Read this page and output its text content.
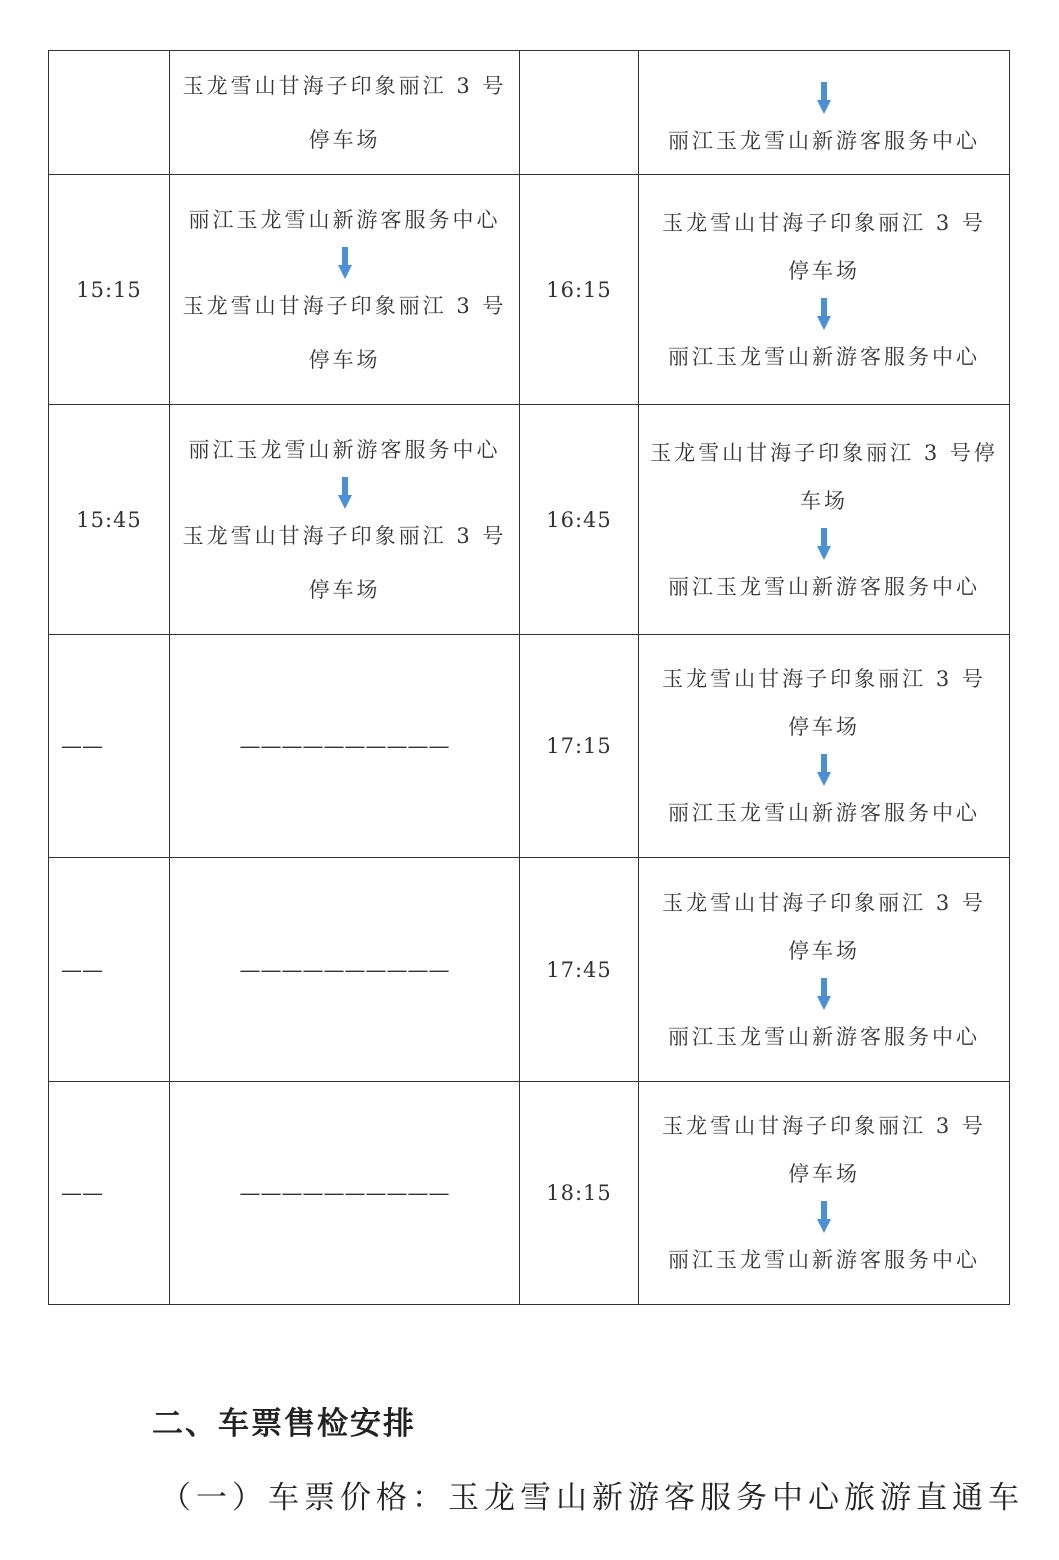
	玉龙雪山甘海子印象丽江 3 号
停车场		丽江玉龙雪山新游客服务中心

15:15	丽江玉龙雪山新游客服务中心
玉龙雪山甘海子印象丽江 3 号
停车场	16:15	玉龙雪山甘海子印象丽江 3 号
停车场
丽江玉龙雪山新游客服务中心

15:45	丽江玉龙雪山新游客服务中心
玉龙雪山甘海子印象丽江 3 号
停车场	16:45	玉龙雪山甘海子印象丽江 3 号停
车场
丽江玉龙雪山新游客服务中心

——	——————————	17:15	玉龙雪山甘海子印象丽江 3 号
停车场
丽江玉龙雪山新游客服务中心

——	——————————	17:45	玉龙雪山甘海子印象丽江 3 号
停车场
丽江玉龙雪山新游客服务中心

——	——————————	18:15	玉龙雪山甘海子印象丽江 3 号
停车场
丽江玉龙雪山新游客服务中心
二、车票售检安排

（一）车票价格：玉龙雪山新游客服务中心旅游直通车
